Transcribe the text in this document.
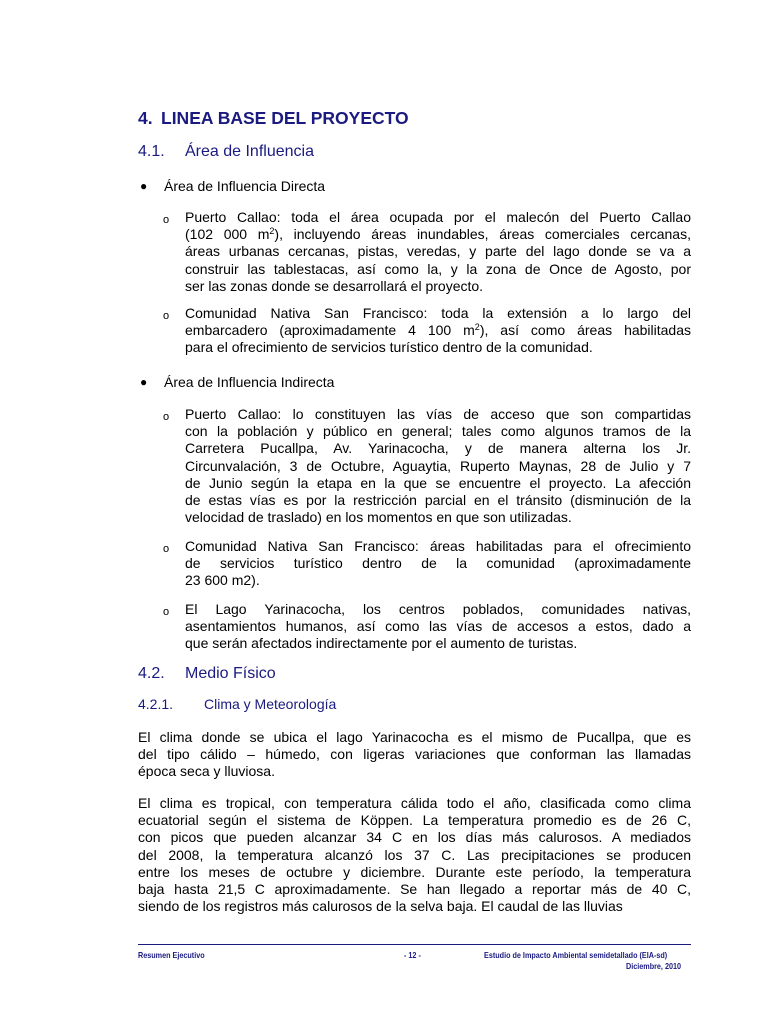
4. LINEA BASE DEL PROYECTO
4.1. Área de Influencia
● Área de Influencia Directa
o Puerto Callao: toda el área ocupada por el malecón del Puerto Callao
(102 000 $m^2$), incluyendo áreas inundables, áreas comerciales cercanas,
áreas urbanas cercanas, pistas, veredas, y parte del lago donde se va a
construir las tablestacas, así como la, y la zona de Once de Agosto, por
ser las zonas donde se desarrollará el proyecto.
o Comunidad Nativa San Francisco: toda la extensión a lo largo del
embarcadero (aproximadamente 4 100 $m^2$), así como áreas habilitadas
para el ofrecimiento de servicios turístico dentro de la comunidad.
● Área de Influencia Indirecta
o Puerto Callao: lo constituyen las vías de acceso que son compartidas
con la población y público en general; tales como algunos tramos de la
Carretera Pucallpa, Av. Yarinacocha, y de manera alterna los Jr.
Circunvalación, 3 de Octubre, Aguaytia, Ruperto Maynas, 28 de Julio y 7
de Junio según la etapa en la que se encuentre el proyecto. La afección
de estas vías es por la restricción parcial en el tránsito (disminución de la
velocidad de traslado) en los momentos en que son utilizadas.
o Comunidad Nativa San Francisco: áreas habilitadas para el ofrecimiento
de servicios turístico dentro de la comunidad (aproximadamente
23 600 m2).
o El Lago Yarinacocha, los centros poblados, comunidades nativas,
asentamientos humanos, así como las vías de accesos a estos, dado a
que serán afectados indirectamente por el aumento de turistas.
4.2. Medio Físico
4.2.1. Clima y Meteorología
El clima donde se ubica el lago Yarinacocha es el mismo de Pucallpa, que es
del tipo cálido – húmedo, con ligeras variaciones que conforman las llamadas
época seca y lluviosa.
El clima es tropical, con temperatura cálida todo el año, clasificada como clima
ecuatorial según el sistema de Köppen. La temperatura promedio es de 26 C,
con picos que pueden alcanzar 34 C en los días más calurosos. A mediados
del 2008, la temperatura alcanzó los 37 C. Las precipitaciones se producen
entre los meses de octubre y diciembre. Durante este período, la temperatura
baja hasta 21,5 C aproximadamente. Se han llegado a reportar más de 40 C,
siendo de los registros más calurosos de la selva baja. El caudal de las lluvias
Resumen Ejecutivo	- 12 -	Estudio de Impacto Ambiental semidetallado (EIA-sd)
Diciembre, 2010
